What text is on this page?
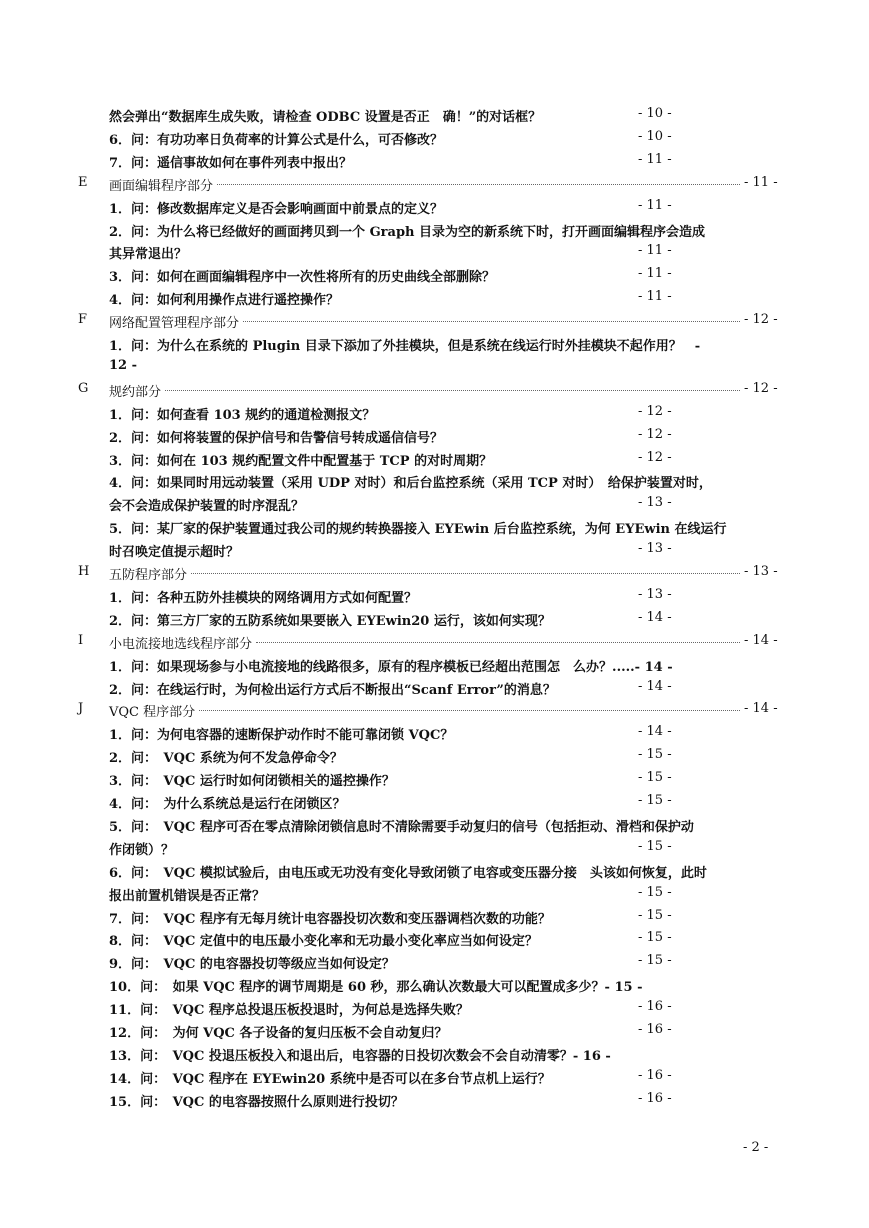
然会弹出“数据库生成失败，请检查 ODBC 设置是否正　确！”的对话框？	- 10 -
6．问：有功功率日负荷率的计算公式是什么，可否修改？	- 10 -
7．问：遥信事故如何在事件列表中报出？	- 11 -
E 画面编辑程序部分	- 11 -
1．问：修改数据库定义是否会影响画面中前景点的定义？	- 11 -
2．问：为什么将已经做好的画面拷贝到一个 Graph 目录为空的新系统下时，打开画面编辑程序会造成
其异常退出？	- 11 -
3．问：如何在画面编辑程序中一次性将所有的历史曲线全部删除？	- 11 -
4．问：如何利用操作点进行遥控操作？	- 11 -
F 网络配置管理程序部分	- 12 -
1．问：为什么在系统的 Plugin 目录下添加了外挂模块，但是系统在线运行时外挂模块不起作用？　-
12 -
G 规约部分	- 12 -
1．问：如何查看 103 规约的通道检测报文？	- 12 -
2．问：如何将装置的保护信号和告警信号转成遥信信号？	- 12 -
3．问：如何在 103 规约配置文件中配置基于 TCP 的对时周期？	- 12 -
4．问：如果同时用远动装置（采用 UDP 对时）和后台监控系统（采用 TCP 对时）　给保护装置对时，
会不会造成保护装置的时序混乱？	- 13 -
5．问：某厂家的保护装置通过我公司的规约转换器接入 EYEwin 后台监控系统，为何 EYEwin 在线运行
时召唤定值提示超时？	- 13 -
H 五防程序部分	- 13 -
1．问：各种五防外挂模块的网络调用方式如何配置？	- 13 -
2．问：第三方厂家的五防系统如果要嵌入 EYEwin20 运行，该如何实现？	- 14 -
I 小电流接地选线程序部分	- 14 -
1．问：如果现场参与小电流接地的线路很多，原有的程序模板已经超出范围怎　么办？.....- 14 -
2．问：在线运行时，为何检出运行方式后不断报出“Scanf Error”的消息？	- 14 -
J VQC 程序部分	- 14 -
1．问：为何电容器的速断保护动作时不能可靠闭锁 VQC？	- 14 -
2．问：　VQC 系统为何不发急停命令？	- 15 -
3．问：　VQC 运行时如何闭锁相关的遥控操作？	- 15 -
4．问：　为什么系统总是运行在闭锁区？	- 15 -
5．问：　VQC 程序可否在零点清除闭锁信息时不清除需要手动复归的信号（包括拒动、滑档和保护动
作闭锁）？	- 15 -
6．问：　VQC 模拟试验后，由电压或无功没有变化导致闭锁了电容或变压器分接　头该如何恢复，此时
报出前置机错误是否正常？	- 15 -
7．问：　VQC 程序有无每月统计电容器投切次数和变压器调档次数的功能？	- 15 -
8．问：　VQC 定值中的电压最小变化率和无功最小变化率应当如何设定？	- 15 -
9．问：　VQC 的电容器投切等级应当如何设定？	- 15 -
10．问：　如果 VQC 程序的调节周期是 60 秒，那么确认次数最大可以配置成多少？- 15 -
11．问：　VQC 程序总投退压板投退时，为何总是选择失败？	- 16 -
12．问：　为何 VQC 各子设备的复归压板不会自动复归？	- 16 -
13．问：　VQC 投退压板投入和退出后，电容器的日投切次数会不会自动清零？- 16 -
14．问：　VQC 程序在 EYEwin20 系统中是否可以在多台节点机上运行？	- 16 -
15．问：　VQC 的电容器按照什么原则进行投切？	- 16 -
- 2 -
